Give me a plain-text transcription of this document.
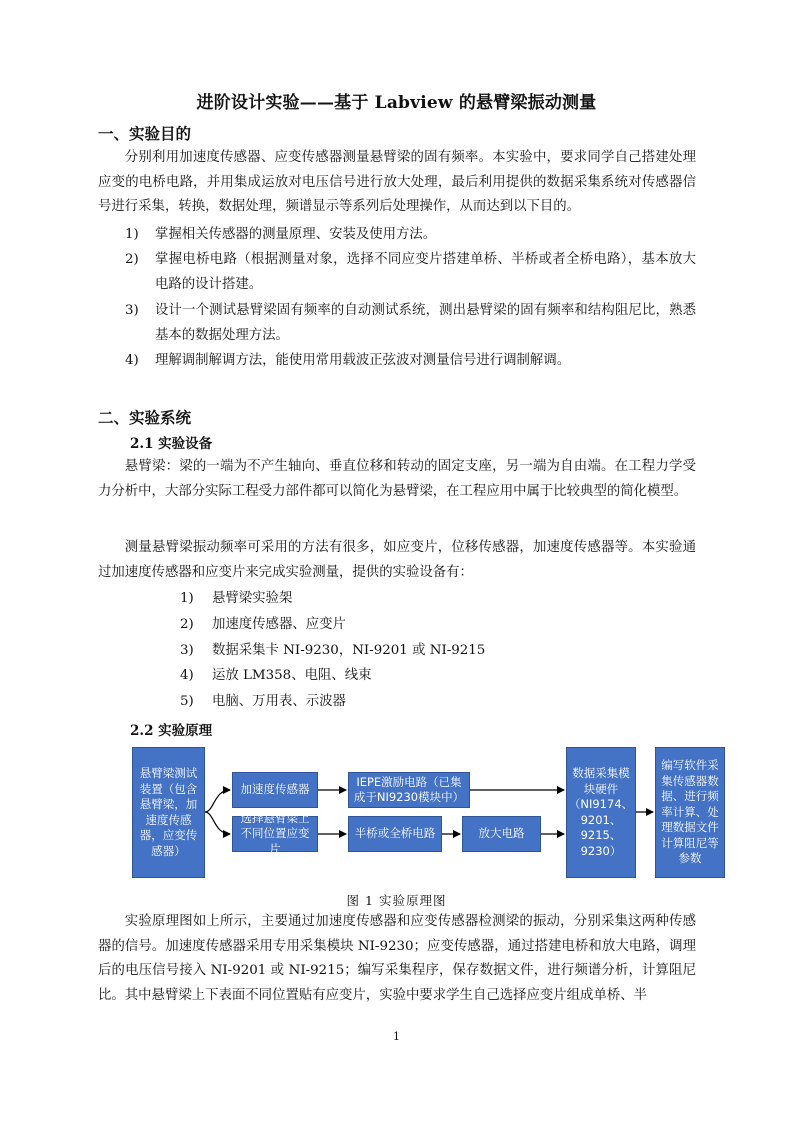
进阶设计实验——基于 Labview 的悬臂梁振动测量
一、实验目的
分别利用加速度传感器、应变传感器测量悬臂梁的固有频率。本实验中，要求同学自己搭建处理应变的电桥电路，并用集成运放对电压信号进行放大处理，最后利用提供的数据采集系统对传感器信号进行采集，转换，数据处理，频谱显示等系列后处理操作，从而达到以下目的。
1) 掌握相关传感器的测量原理、安装及使用方法。
2) 掌握电桥电路（根据测量对象，选择不同应变片搭建单桥、半桥或者全桥电路），基本放大电路的设计搭建。
3) 设计一个测试悬臂梁固有频率的自动测试系统，测出悬臂梁的固有频率和结构阻尼比，熟悉基本的数据处理方法。
4) 理解调制解调方法，能使用常用载波正弦波对测量信号进行调制解调。
二、实验系统
2.1 实验设备
悬臂梁：梁的一端为不产生轴向、垂直位移和转动的固定支座，另一端为自由端。在工程力学受力分析中，大部分实际工程受力部件都可以简化为悬臂梁，在工程应用中属于比较典型的简化模型。
测量悬臂梁振动频率可采用的方法有很多，如应变片，位移传感器，加速度传感器等。本实验通过加速度传感器和应变片来完成实验测量，提供的实验设备有：
1) 悬臂梁实验架
2) 加速度传感器、应变片
3) 数据采集卡 NI-9230，NI-9201 或 NI-9215
4) 运放 LM358、电阻、线束
5) 电脑、万用表、示波器
2.2 实验原理
悬臂梁测试装置（包含悬臂梁，加速度传感器，应变传感器）
加速度传感器
IEPE激励电路（已集成于NI9230模块中）
选择悬臂梁上不同位置应变片
半桥或全桥电路	放大电路
数据采集模块硬件（NI9174、9201、9215、9230）
编写软件采集传感器数据、进行频率计算、处理数据文件计算阻尼等参数
图 1 实验原理图
实验原理图如上所示，主要通过加速度传感器和应变传感器检测梁的振动，分别采集这两种传感器的信号。加速度传感器采用专用采集模块 NI-9230；应变传感器，通过搭建电桥和放大电路，调理后的电压信号接入 NI-9201 或 NI-9215；编写采集程序，保存数据文件，进行频谱分析，计算阻尼比。其中悬臂梁上下表面不同位置贴有应变片，实验中要求学生自己选择应变片组成单桥、半
1
